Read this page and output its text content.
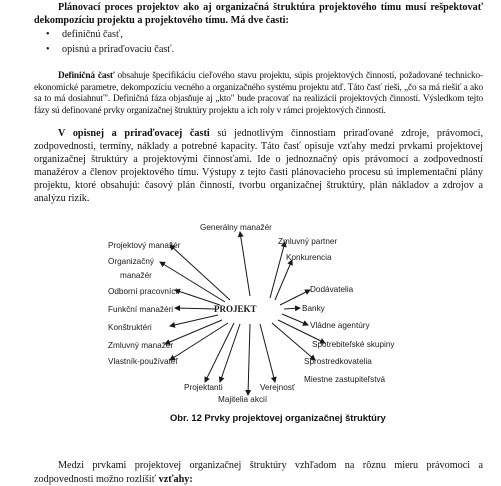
Plánovací proces projektov ako aj organizačná štruktúra projektového tímu musí rešpektovať dekompozíciu projektu a projektového tímu. Má dve časti:

• definičnú časť,
• opisnú a priraďovaciu časť.

Definičná časť obsahuje špecifikáciu cieľového stavu projektu, súpis projektových činností, požadované technicko-ekonomické parametre, dekompozíciu vecného a organizačného systému projektu atď. Táto časť rieši, „čo sa má riešiť a ako sa to má dosiahnuť". Definičná fáza objasňuje aj „kto" bude pracovať na realizácii projektových činností. Výsledkom tejto fázy sú definované prvky organizačnej štruktúry projektu a ich roly v rámci projektových činností.

V opisnej a priraďovacej časti sú jednotlivým činnostiam priraďované zdroje, právomoci, zodpovednosti, termíny, náklady a potrebné kapacity. Táto časť opisuje vzťahy medzi prvkami projektovej organizačnej štruktúry a projektovými činnosťami. Ide o jednoznačný opis právomocí a zodpovedností manažérov a členov projektového tímu. Výstupy z tejto časti plánovacieho procesu sú implementační plány projektu, ktoré obsahujú: časový plán činností, tvorbu organizačnej štruktúry, plán nákladov a zdrojov a analýzu rizík.

Generálny manažér
Projektový manažér
Organizačný
manažér
Zmluvný partner
Konkurencia
Odborní pracovníci
Funkční manažéri	PROJEKT
Dodávatelia
Banky
Konštruktéri	Vládne agentúry
Zmluvný manažér	Spotrebiteľské skupiny
Vlastník-používateľ	Sprostredkovatelia
Miestne zastupiteľstvá
Projektanti	Verejnosť
Majitelia akcií
Obr. 12 Prvky projektovej organizačnej štruktúry

Medzi prvkami projektovej organizačnej štruktúry vzhľadom na rôznu mieru právomoci a zodpovednosti možno rozlíšiť vzťahy:
